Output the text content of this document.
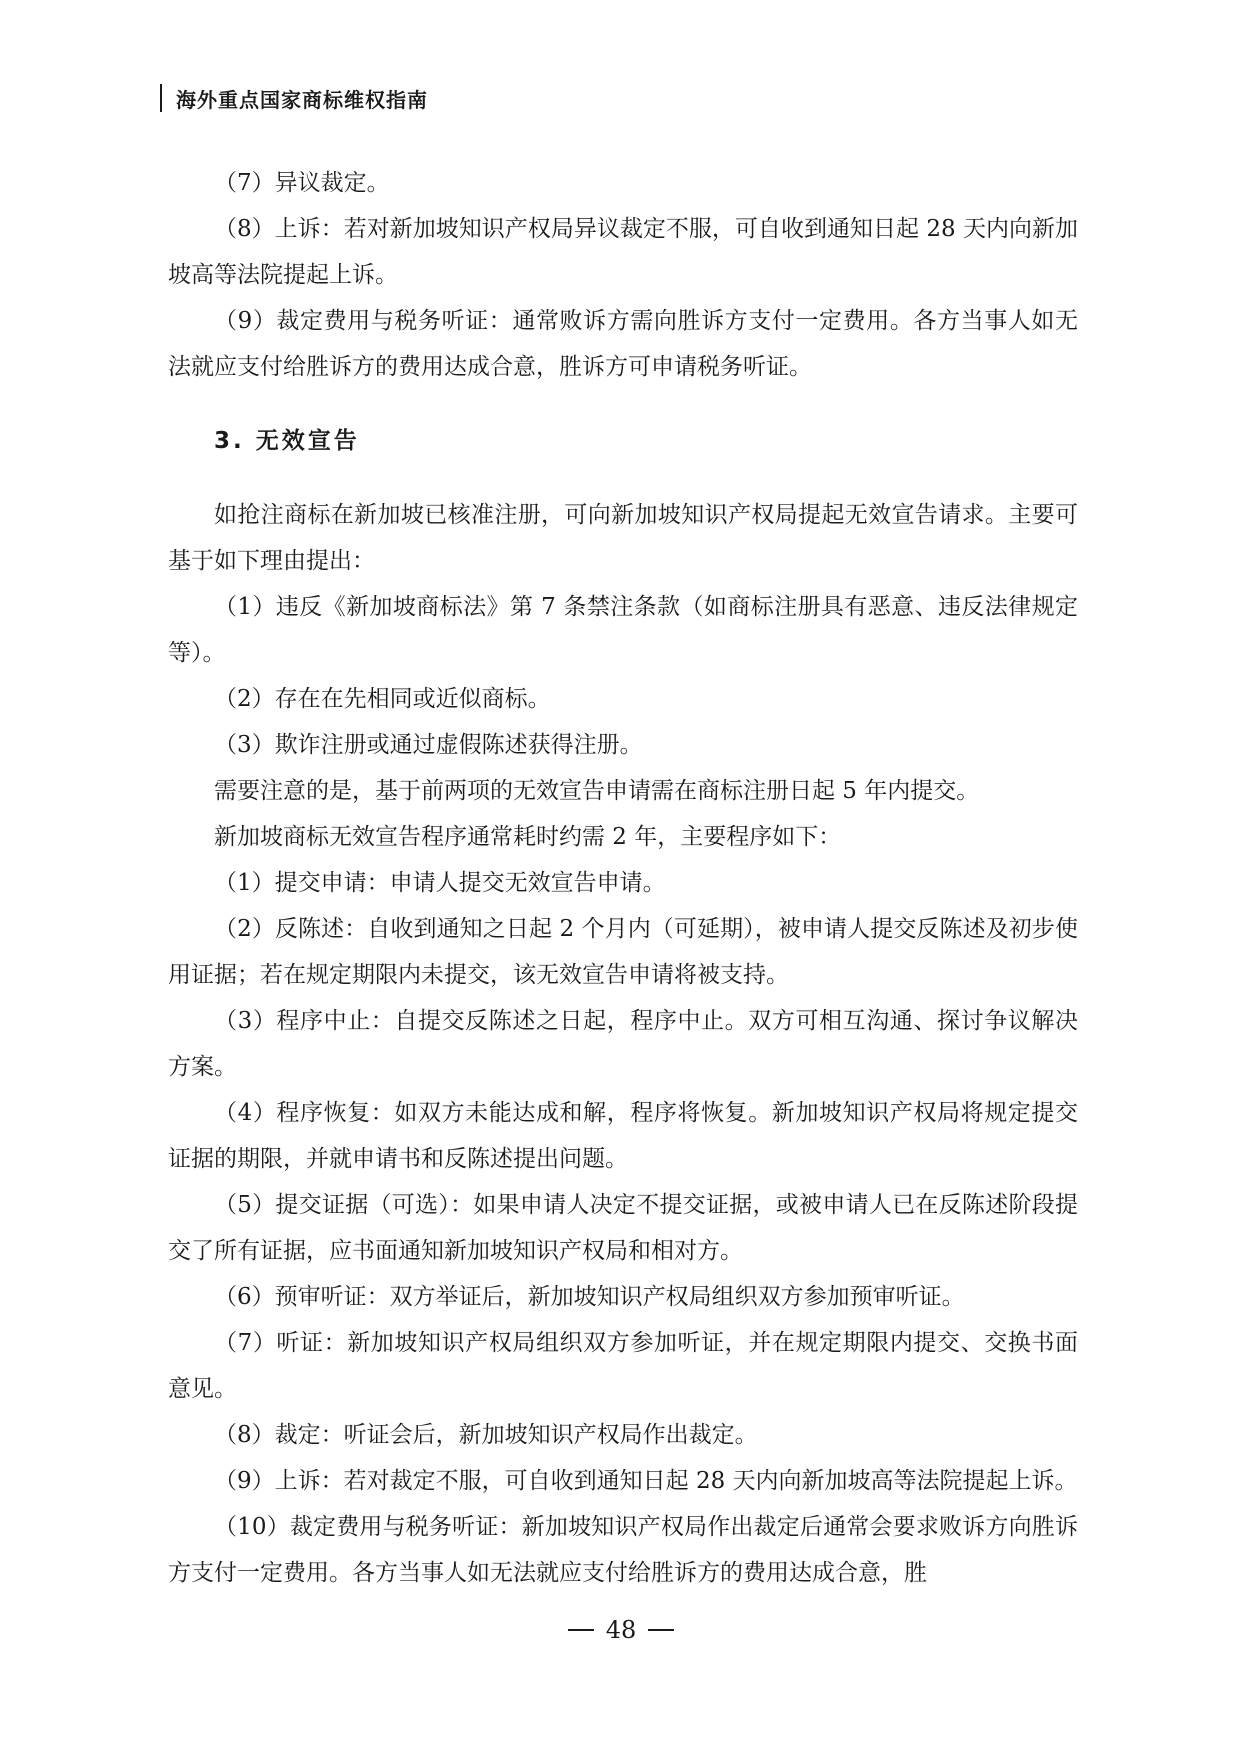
海外重点国家商标维权指南

（7）异议裁定。

（8）上诉：若对新加坡知识产权局异议裁定不服，可自收到通知日起 28 天内向新加坡高等法院提起上诉。

（9）裁定费用与税务听证：通常败诉方需向胜诉方支付一定费用。各方当事人如无法就应支付给胜诉方的费用达成合意，胜诉方可申请税务听证。

3. 无效宣告

如抢注商标在新加坡已核准注册，可向新加坡知识产权局提起无效宣告请求。主要可基于如下理由提出：

（1）违反《新加坡商标法》第 7 条禁注条款（如商标注册具有恶意、违反法律规定等）。

（2）存在在先相同或近似商标。

（3）欺诈注册或通过虚假陈述获得注册。

需要注意的是，基于前两项的无效宣告申请需在商标注册日起 5 年内提交。

新加坡商标无效宣告程序通常耗时约需 2 年，主要程序如下：

（1）提交申请：申请人提交无效宣告申请。

（2）反陈述：自收到通知之日起 2 个月内（可延期），被申请人提交反陈述及初步使用证据；若在规定期限内未提交，该无效宣告申请将被支持。

（3）程序中止：自提交反陈述之日起，程序中止。双方可相互沟通、探讨争议解决方案。

（4）程序恢复：如双方未能达成和解，程序将恢复。新加坡知识产权局将规定提交证据的期限，并就申请书和反陈述提出问题。

（5）提交证据（可选）：如果申请人决定不提交证据，或被申请人已在反陈述阶段提交了所有证据，应书面通知新加坡知识产权局和相对方。

（6）预审听证：双方举证后，新加坡知识产权局组织双方参加预审听证。

（7）听证：新加坡知识产权局组织双方参加听证，并在规定期限内提交、交换书面意见。

（8）裁定：听证会后，新加坡知识产权局作出裁定。

（9）上诉：若对裁定不服，可自收到通知日起 28 天内向新加坡高等法院提起上诉。

（10）裁定费用与税务听证：新加坡知识产权局作出裁定后通常会要求败诉方向胜诉方支付一定费用。各方当事人如无法就应支付给胜诉方的费用达成合意，胜

48
